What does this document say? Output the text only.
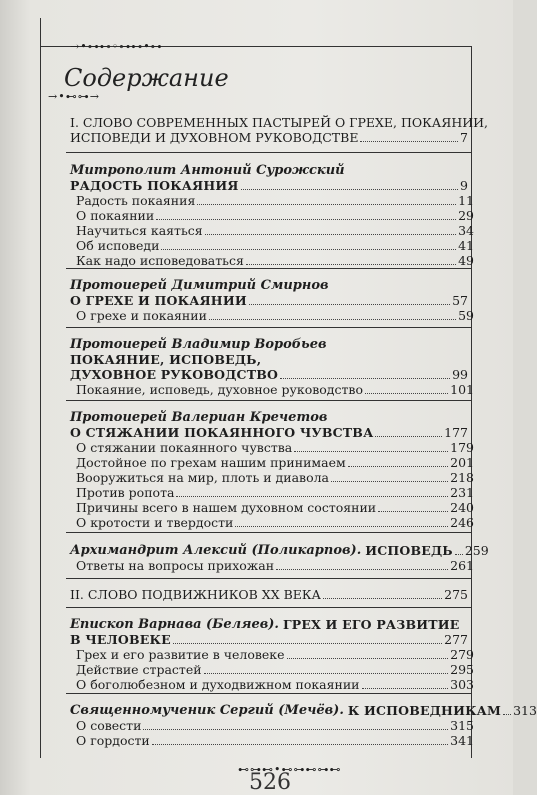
→•⊶⊷◦⊶⊷•⊶
Содержание
→•⊷⊶→
I. СЛОВО СОВРЕМЕННЫХ ПАСТЫРЕЙ О ГРЕХЕ, ПОКАЯНИИ,
ИСПОВЕДИ И ДУХОВНОМ РУКОВОДСТВЕ	7
Митрополит Антоний Сурожский
РАДОСТЬ ПОКАЯНИЯ	9
Радость покаяния	11
О покаянии	29
Научиться каяться	34
Об исповеди	41
Как надо исповедоваться	49
Протоиерей Димитрий Смирнов
О ГРЕХЕ И ПОКАЯНИИ	57
О грехе и покаянии	59
Протоиерей Владимир Воробьев
ПОКАЯНИЕ, ИСПОВЕДЬ,
ДУХОВНОЕ РУКОВОДСТВО	99
Покаяние, исповедь, духовное руководство	101
Протоиерей Валериан Кречетов
О СТЯЖАНИИ ПОКАЯННОГО ЧУВСТВА	177
О стяжании покаянного чувства	179
Достойное по грехам нашим принимаем	201
Вооружиться на мир, плоть и диавола	218
Против ропота	231
Причины всего в нашем духовном состоянии	240
О кротости и твердости	246
Архимандрит Алексий (Поликарпов). ИСПОВЕДЬ 259
Ответы на вопросы прихожан	261
II. СЛОВО ПОДВИЖНИКОВ XX ВЕКА	275
Епископ Варнава (Беляев). ГРЕХ И ЕГО РАЗВИТИЕ
В ЧЕЛОВЕКЕ	277
Грех и его развитие в человеке	279
Действие страстей	295
О боголюбезном и духодвижном покаянии	303
Священномученик Сергий (Мечёв). К ИСПОВЕДНИКАМ 313
О совести	315
О гордости	341
⊷⊶⊷•⊷⊶⊷⊶⊷
526
